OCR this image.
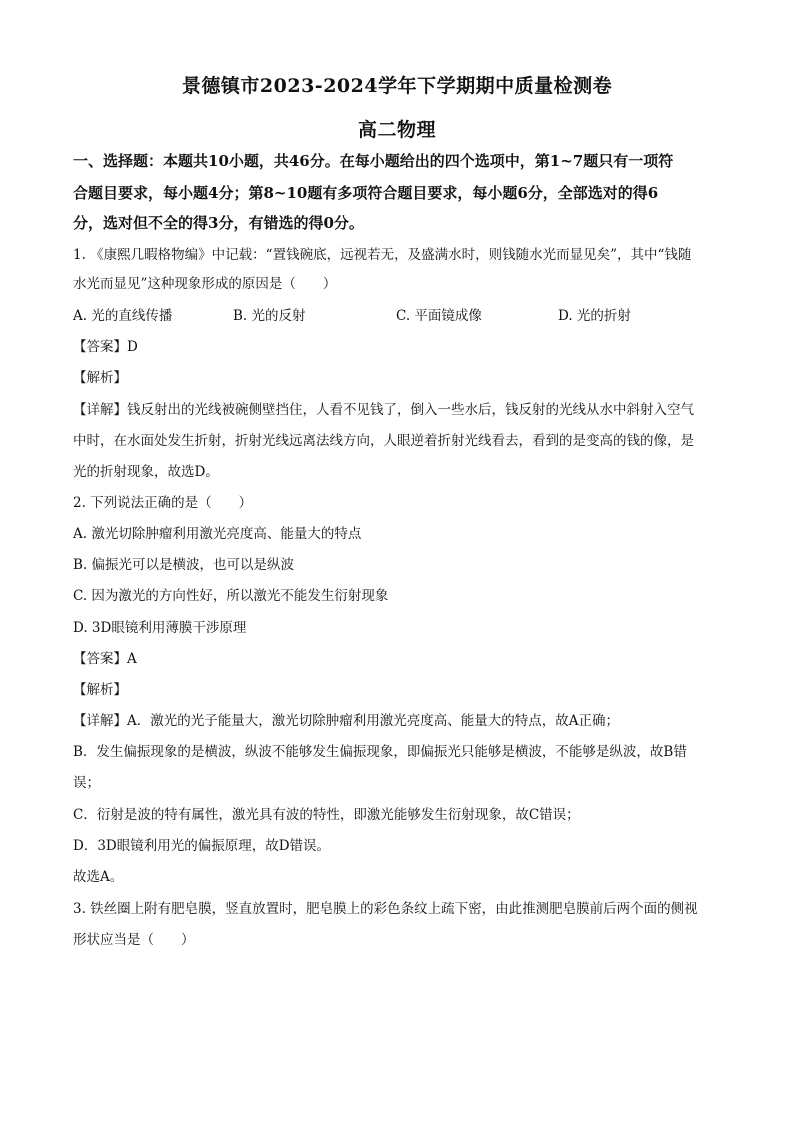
景德镇市2023-2024学年下学期期中质量检测卷
高二物理
一、选择题：本题共10小题，共46分。在每小题给出的四个选项中，第1~7题只有一项符
合题目要求，每小题4分；第8~10题有多项符合题目要求，每小题6分，全部选对的得6
分，选对但不全的得3分，有错选的得0分。
1. 《康熙几暇格物编》中记载：“置钱碗底，远视若无，及盛满水时，则钱随水光而显见矣”，其中“钱随
水光而显见”这种现象形成的原因是（　　）
A. 光的直线传播	B. 光的反射	C. 平面镜成像	D. 光的折射
【答案】D
【解析】
【详解】钱反射出的光线被碗侧壁挡住，人看不见钱了，倒入一些水后，钱反射的光线从水中斜射入空气
中时，在水面处发生折射，折射光线远离法线方向，人眼逆着折射光线看去，看到的是变高的钱的像，是
光的折射现象，故选D。
2. 下列说法正确的是（　　）
A. 激光切除肿瘤利用激光亮度高、能量大的特点
B. 偏振光可以是横波，也可以是纵波
C. 因为激光的方向性好，所以激光不能发生衍射现象
D. 3D眼镜利用薄膜干涉原理
【答案】A
【解析】
【详解】A．激光的光子能量大，激光切除肿瘤利用激光亮度高、能量大的特点，故A正确；
B．发生偏振现象的是横波，纵波不能够发生偏振现象，即偏振光只能够是横波，不能够是纵波，故B错
误；
C．衍射是波的特有属性，激光具有波的特性，即激光能够发生衍射现象，故C错误；
D．3D眼镜利用光的偏振原理，故D错误。
故选A。
3. 铁丝圈上附有肥皂膜，竖直放置时，肥皂膜上的彩色条纹上疏下密，由此推测肥皂膜前后两个面的侧视
形状应当是（　　）
